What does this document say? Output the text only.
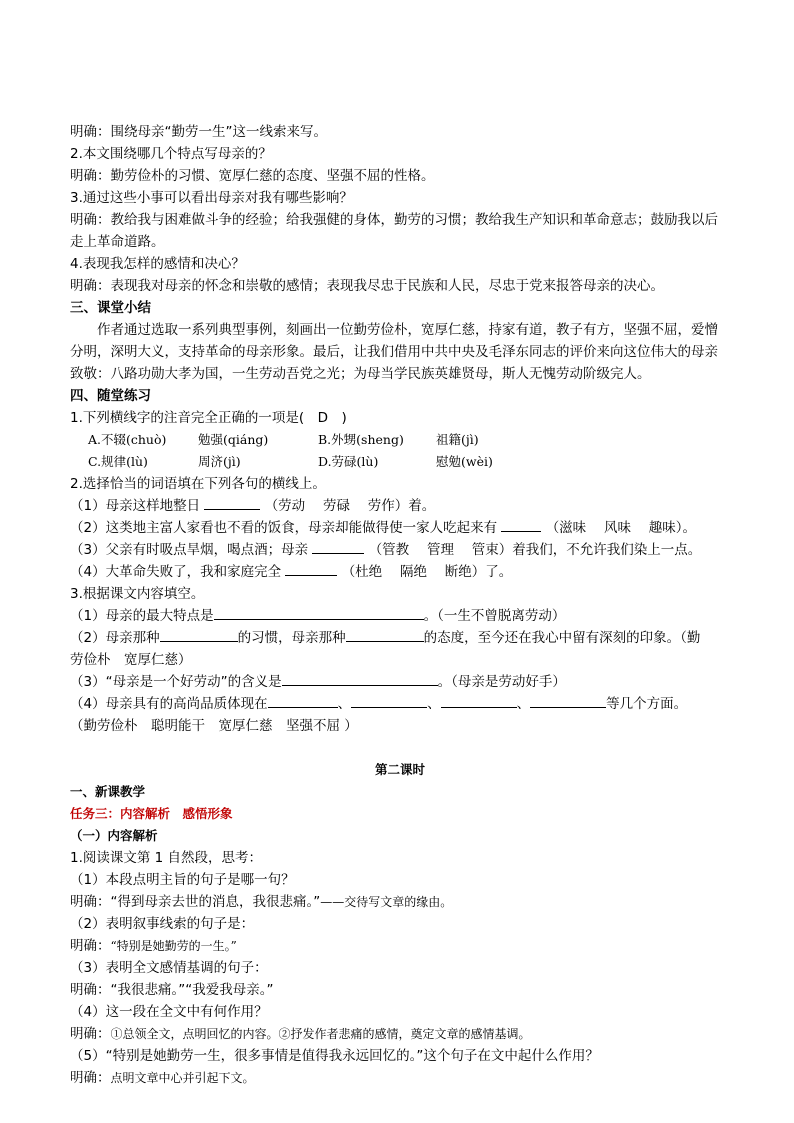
明确：围绕母亲“勤劳一生”这一线索来写。
2.本文围绕哪几个特点写母亲的？
明确：勤劳俭朴的习惯、宽厚仁慈的态度、坚强不屈的性格。
3.通过这些小事可以看出母亲对我有哪些影响？
明确：教给我与困难做斗争的经验；给我强健的身体，勤劳的习惯；教给我生产知识和革命意志；鼓励我以后走上革命道路。
4.表现我怎样的感情和决心？
明确：表现我对母亲的怀念和崇敬的感情；表现我尽忠于民族和人民，尽忠于党来报答母亲的决心。
三、课堂小结
作者通过选取一系列典型事例，刻画出一位勤劳俭朴，宽厚仁慈，持家有道，教子有方，坚强不屈，爱憎分明，深明大义，支持革命的母亲形象。最后，让我们借用中共中央及毛泽东同志的评价来向这位伟大的母亲致敬：八路功勋大孝为国，一生劳动吾党之光；为母当学民族英雄贤母，斯人无愧劳动阶级完人。
四、随堂练习
1.下列横线字的注音完全正确的一项是(　D　)
A.不辍(chuò)	勉强(qiáng)	B.外甥(sheng)	祖籍(jì)
C.规律(lù)	周济(jì)	D.劳碌(lù)	慰勉(wèi)
2.选择恰当的词语填在下列各句的横线上。
（1）母亲这样地整日	（劳动　 劳碌　 劳作）着。
（2）这类地主富人家看也不看的饭食，母亲却能做得使一家人吃起来有	（滋味　 风味　 趣味）。
（3）父亲有时吸点旱烟，喝点酒；母亲	（管教　 管理　 管束）着我们，不允许我们染上一点。
（4）大革命失败了，我和家庭完全	（杜绝　 隔绝　 断绝）了。
3.根据课文内容填空。
（1）母亲的最大特点是	。（一生不曾脱离劳动）
（2）母亲那种	的习惯，母亲那种	的态度，至今还在我心中留有深刻的印象。（勤
劳俭朴　宽厚仁慈）
（3）“母亲是一个好劳动”的含义是	。（母亲是劳动好手）
（4）母亲具有的高尚品质体现在	、	、	、	等几个方面。
（勤劳俭朴　聪明能干　宽厚仁慈　坚强不屈 ）
第二课时
一、新课教学
任务三：内容解析　感悟形象
（一）内容解析
1.阅读课文第 1 自然段，思考：
（1）本段点明主旨的句子是哪一句？
明确：“得到母亲去世的消息，我很悲痛。”——交待写文章的缘由。
（2）表明叙事线索的句子是：
明确：“特别是她勤劳的一生。”
（3）表明全文感情基调的句子：
明确：“我很悲痛。”“我爱我母亲。”
（4）这一段在全文中有何作用？
明确：①总领全文，点明回忆的内容。②抒发作者悲痛的感情，奠定文章的感情基调。
（5）“特别是她勤劳一生，很多事情是值得我永远回忆的。”这个句子在文中起什么作用？
明确：点明文章中心并引起下文。
